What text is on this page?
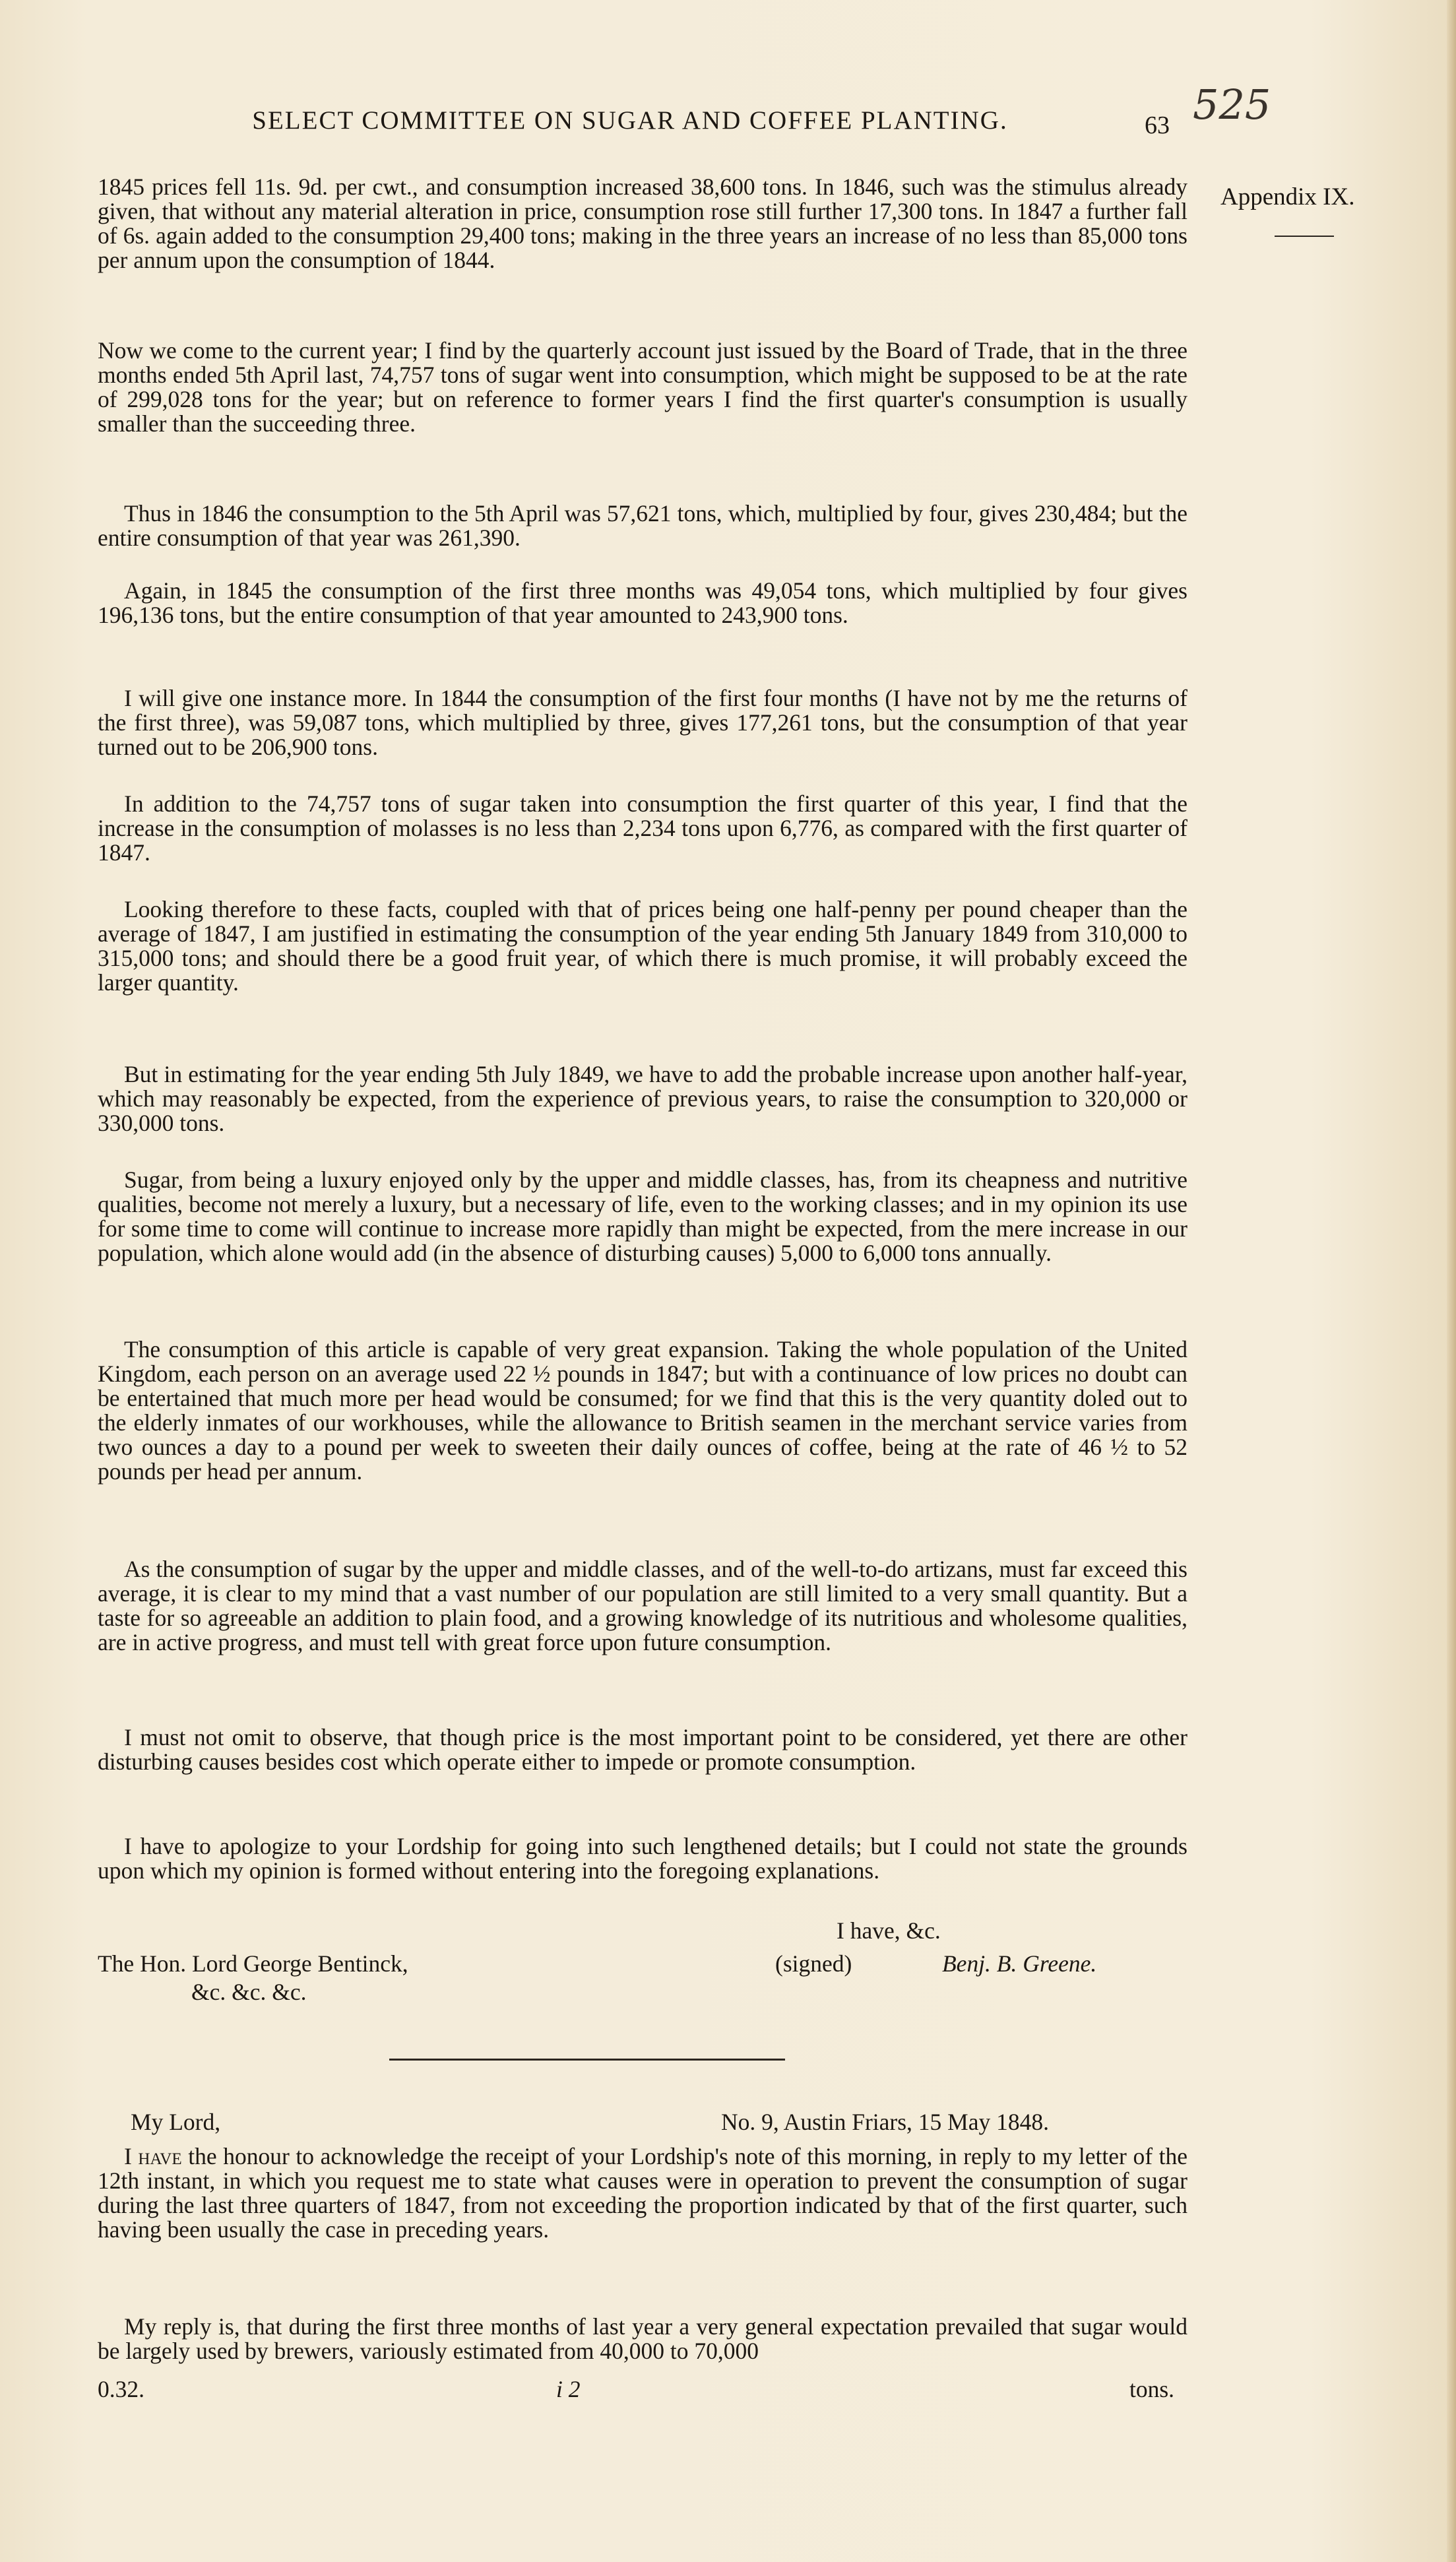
SELECT COMMITTEE ON SUGAR AND COFFEE PLANTING.	63 525
Appendix IX.

1845 prices fell 11s. 9d. per cwt., and consumption increased 38,600 tons. In 1846, such was the stimulus already given, that without any material alteration in price, consumption rose still further 17,300 tons. In 1847 a further fall of 6s. again added to the consumption 29,400 tons; making in the three years an increase of no less than 85,000 tons per annum upon the consumption of 1844.

Now we come to the current year; I find by the quarterly account just issued by the Board of Trade, that in the three months ended 5th April last, 74,757 tons of sugar went into consumption, which might be supposed to be at the rate of 299,028 tons for the year; but on reference to former years I find the first quarter's consumption is usually smaller than the succeeding three.

Thus in 1846 the consumption to the 5th April was 57,621 tons, which, multiplied by four, gives 230,484; but the entire consumption of that year was 261,390.

Again, in 1845 the consumption of the first three months was 49,054 tons, which multiplied by four gives 196,136 tons, but the entire consumption of that year amounted to 243,900 tons.

I will give one instance more. In 1844 the consumption of the first four months (I have not by me the returns of the first three), was 59,087 tons, which multiplied by three, gives 177,261 tons, but the consumption of that year turned out to be 206,900 tons.

In addition to the 74,757 tons of sugar taken into consumption the first quarter of this year, I find that the increase in the consumption of molasses is no less than 2,234 tons upon 6,776, as compared with the first quarter of 1847.

Looking therefore to these facts, coupled with that of prices being one half-penny per pound cheaper than the average of 1847, I am justified in estimating the consumption of the year ending 5th January 1849 from 310,000 to 315,000 tons; and should there be a good fruit year, of which there is much promise, it will probably exceed the larger quantity.

But in estimating for the year ending 5th July 1849, we have to add the probable increase upon another half-year, which may reasonably be expected, from the experience of previous years, to raise the consumption to 320,000 or 330,000 tons.

Sugar, from being a luxury enjoyed only by the upper and middle classes, has, from its cheapness and nutritive qualities, become not merely a luxury, but a necessary of life, even to the working classes; and in my opinion its use for some time to come will continue to increase more rapidly than might be expected, from the mere increase in our population, which alone would add (in the absence of disturbing causes) 5,000 to 6,000 tons annually.

The consumption of this article is capable of very great expansion. Taking the whole population of the United Kingdom, each person on an average used 22 ½ pounds in 1847; but with a continuance of low prices no doubt can be entertained that much more per head would be consumed; for we find that this is the very quantity doled out to the elderly inmates of our workhouses, while the allowance to British seamen in the merchant service varies from two ounces a day to a pound per week to sweeten their daily ounces of coffee, being at the rate of 46 ½ to 52 pounds per head per annum.

As the consumption of sugar by the upper and middle classes, and of the well-to-do artizans, must far exceed this average, it is clear to my mind that a vast number of our population are still limited to a very small quantity. But a taste for so agreeable an addition to plain food, and a growing knowledge of its nutritious and wholesome qualities, are in active progress, and must tell with great force upon future consumption.

I must not omit to observe, that though price is the most important point to be considered, yet there are other disturbing causes besides cost which operate either to impede or promote consumption.

I have to apologize to your Lordship for going into such lengthened details; but I could not state the grounds upon which my opinion is formed without entering into the foregoing explanations.

I have, &c.
The Hon. Lord George Bentinck,
&c. &c. &c.
(signed)	Benj. B. Greene.
My Lord,	No. 9, Austin Friars, 15 May 1848.

I have the honour to acknowledge the receipt of your Lordship's note of this morning, in reply to my letter of the 12th instant, in which you request me to state what causes were in operation to prevent the consumption of sugar during the last three quarters of 1847, from not exceeding the proportion indicated by that of the first quarter, such having been usually the case in preceding years.

My reply is, that during the first three months of last year a very general expectation prevailed that sugar would be largely used by brewers, variously estimated from 40,000 to 70,000

0.32.	i 2	tons.
